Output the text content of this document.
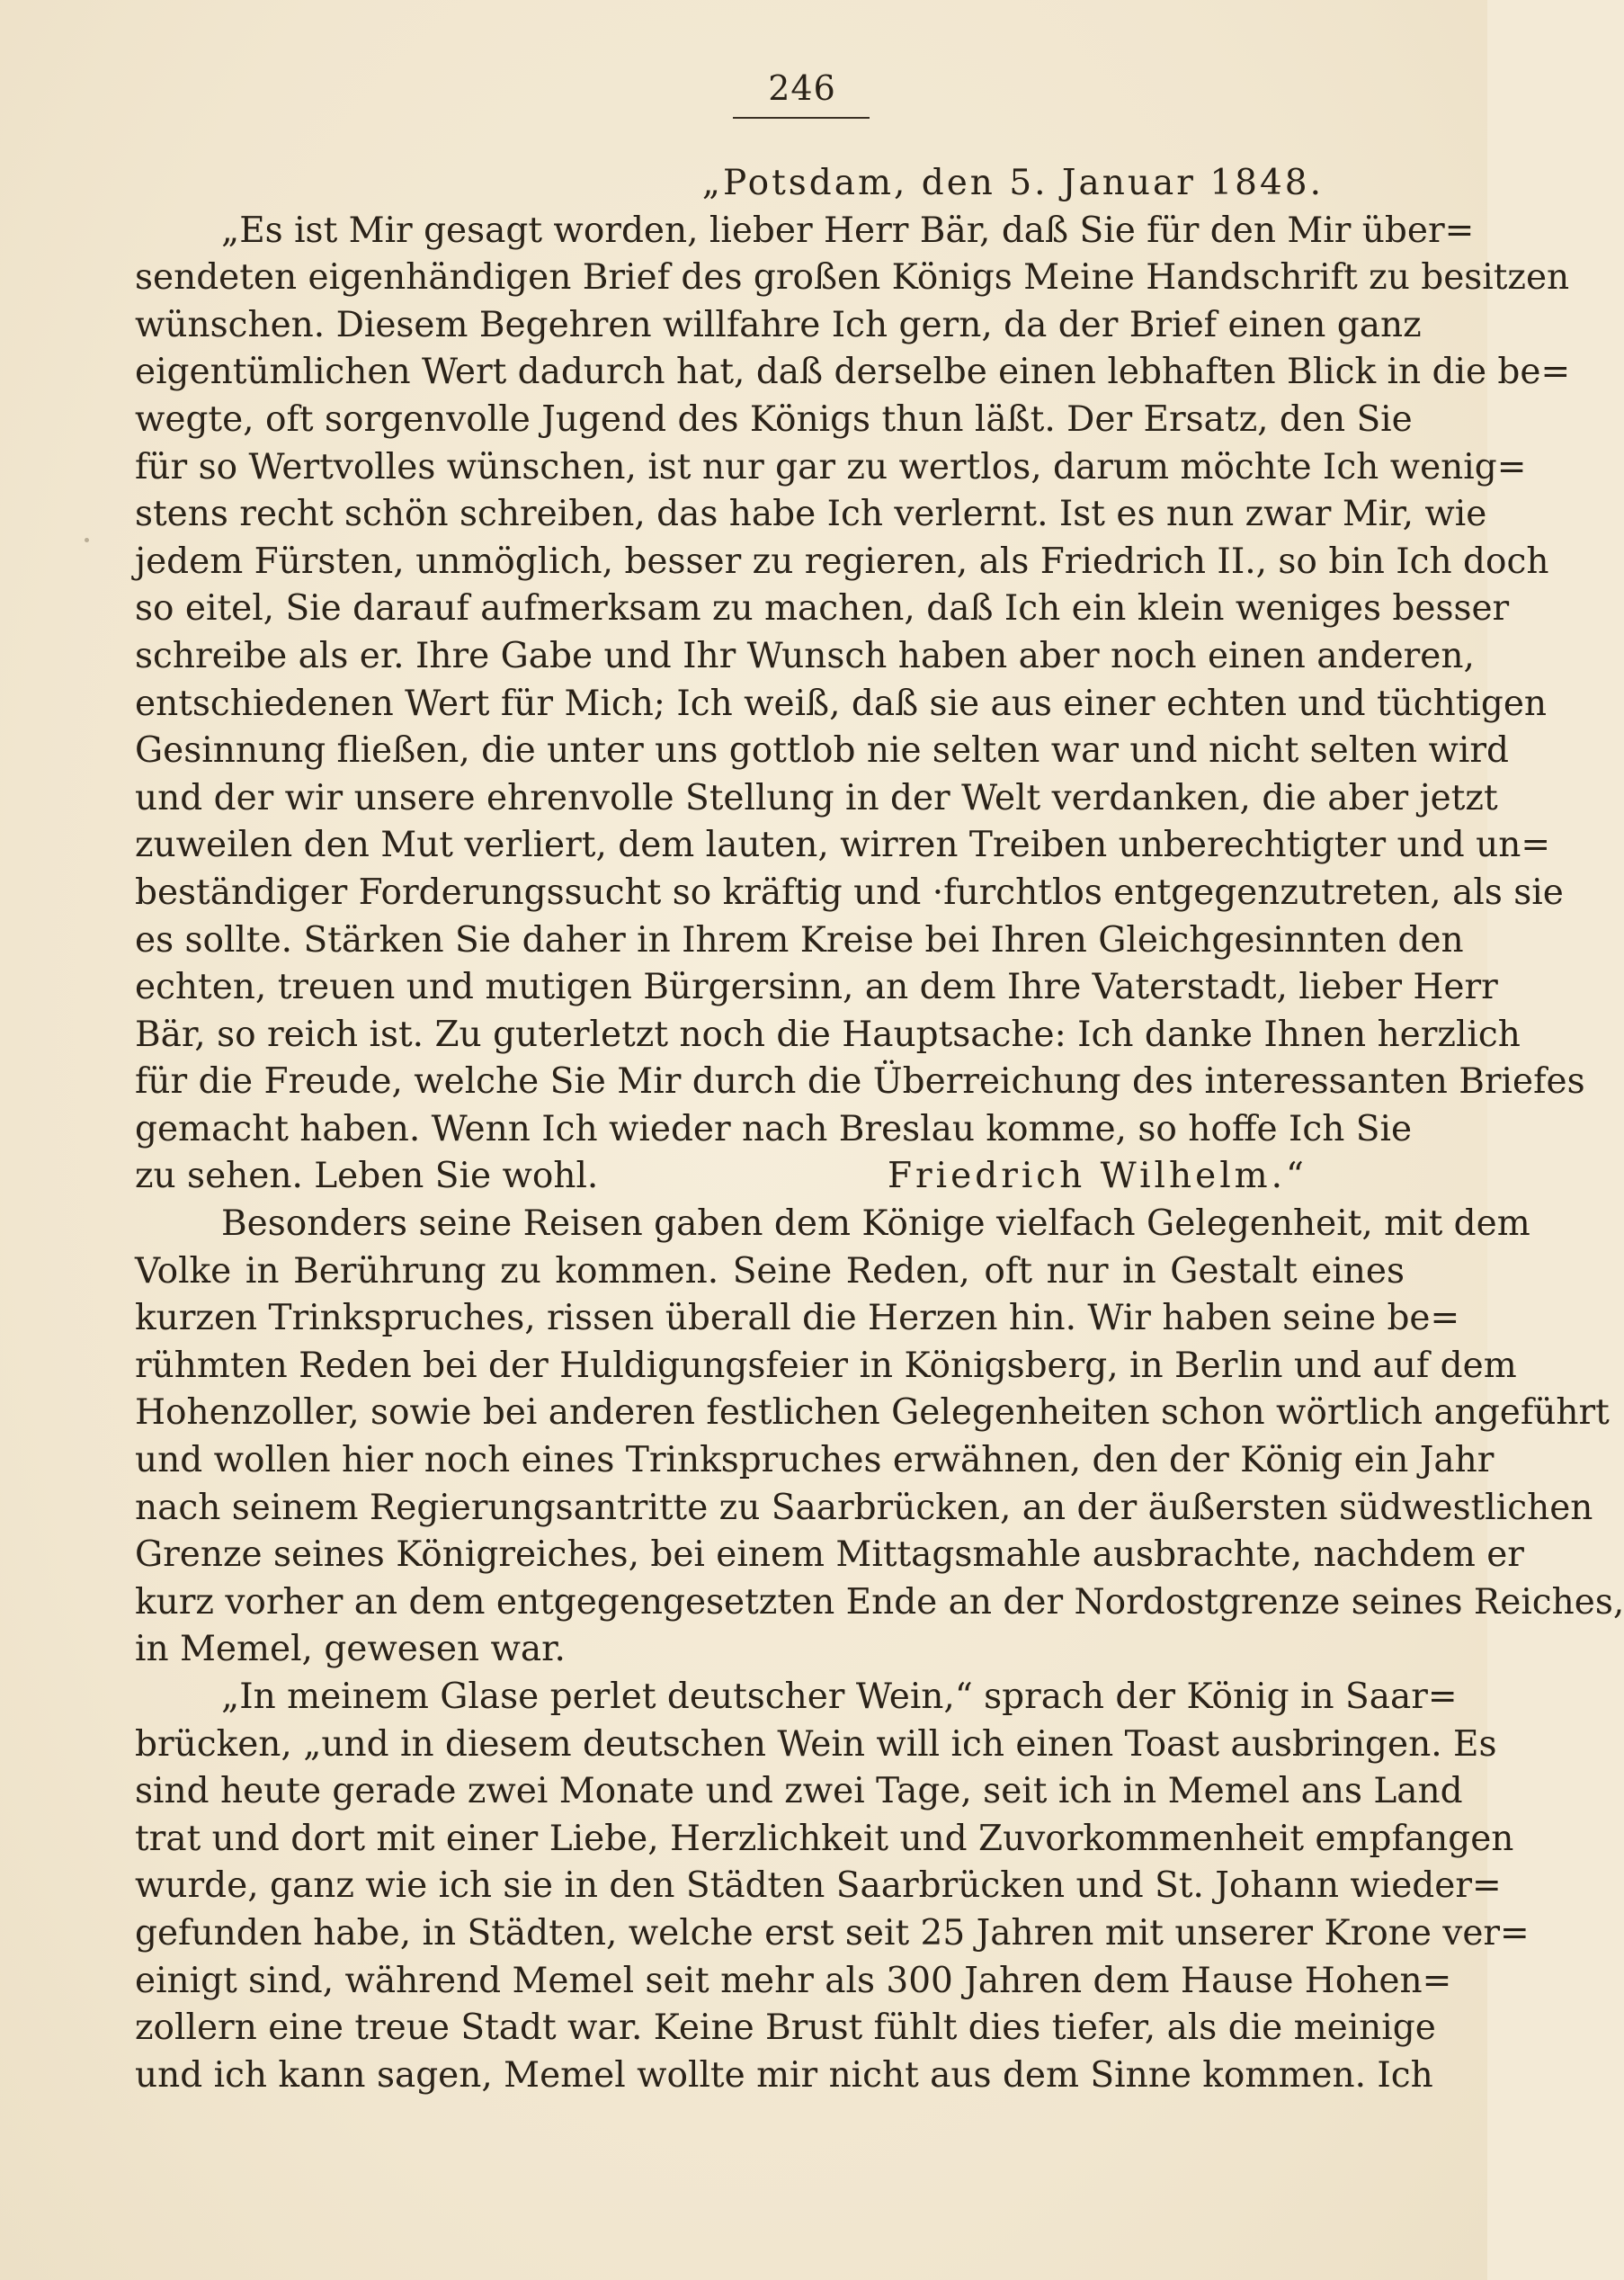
246
„Potsdam, den 5. Januar 1848.
„Es ist Mir gesagt worden, lieber Herr Bär, daß Sie für den Mir über=
sendeten eigenhändigen Brief des großen Königs Meine Handschrift zu besitzen
wünschen. Diesem Begehren willfahre Ich gern, da der Brief einen ganz
eigentümlichen Wert dadurch hat, daß derselbe einen lebhaften Blick in die be=
wegte, oft sorgenvolle Jugend des Königs thun läßt. Der Ersatz, den Sie
für so Wertvolles wünschen, ist nur gar zu wertlos, darum möchte Ich wenig=
stens recht schön schreiben, das habe Ich verlernt. Ist es nun zwar Mir, wie
jedem Fürsten, unmöglich, besser zu regieren, als Friedrich II., so bin Ich doch
so eitel, Sie darauf aufmerksam zu machen, daß Ich ein klein weniges besser
schreibe als er. Ihre Gabe und Ihr Wunsch haben aber noch einen anderen,
entschiedenen Wert für Mich; Ich weiß, daß sie aus einer echten und tüchtigen
Gesinnung fließen, die unter uns gottlob nie selten war und nicht selten wird
und der wir unsere ehrenvolle Stellung in der Welt verdanken, die aber jetzt
zuweilen den Mut verliert, dem lauten, wirren Treiben unberechtigter und un=
beständiger Forderungssucht so kräftig und ·furchtlos entgegenzutreten, als sie
es sollte. Stärken Sie daher in Ihrem Kreise bei Ihren Gleichgesinnten den
echten, treuen und mutigen Bürgersinn, an dem Ihre Vaterstadt, lieber Herr
Bär, so reich ist. Zu guterletzt noch die Hauptsache: Ich danke Ihnen herzlich
für die Freude, welche Sie Mir durch die Überreichung des interessanten Briefes
gemacht haben. Wenn Ich wieder nach Breslau komme, so hoffe Ich Sie
zu sehen. Leben Sie wohl.	Friedrich Wilhelm.“
Besonders seine Reisen gaben dem Könige vielfach Gelegenheit, mit dem
Volke in Berührung zu kommen. Seine Reden, oft nur in Gestalt eines
kurzen Trinkspruches, rissen überall die Herzen hin. Wir haben seine be=
rühmten Reden bei der Huldigungsfeier in Königsberg, in Berlin und auf dem
Hohenzoller, sowie bei anderen festlichen Gelegenheiten schon wörtlich angeführt
und wollen hier noch eines Trinkspruches erwähnen, den der König ein Jahr
nach seinem Regierungsantritte zu Saarbrücken, an der äußersten südwestlichen
Grenze seines Königreiches, bei einem Mittagsmahle ausbrachte, nachdem er
kurz vorher an dem entgegengesetzten Ende an der Nordostgrenze seines Reiches,
in Memel, gewesen war.
„In meinem Glase perlet deutscher Wein,“ sprach der König in Saar=
brücken, „und in diesem deutschen Wein will ich einen Toast ausbringen. Es
sind heute gerade zwei Monate und zwei Tage, seit ich in Memel ans Land
trat und dort mit einer Liebe, Herzlichkeit und Zuvorkommenheit empfangen
wurde, ganz wie ich sie in den Städten Saarbrücken und St. Johann wieder=
gefunden habe, in Städten, welche erst seit 25 Jahren mit unserer Krone ver=
einigt sind, während Memel seit mehr als 300 Jahren dem Hause Hohen=
zollern eine treue Stadt war. Keine Brust fühlt dies tiefer, als die meinige
und ich kann sagen, Memel wollte mir nicht aus dem Sinne kommen. Ich
